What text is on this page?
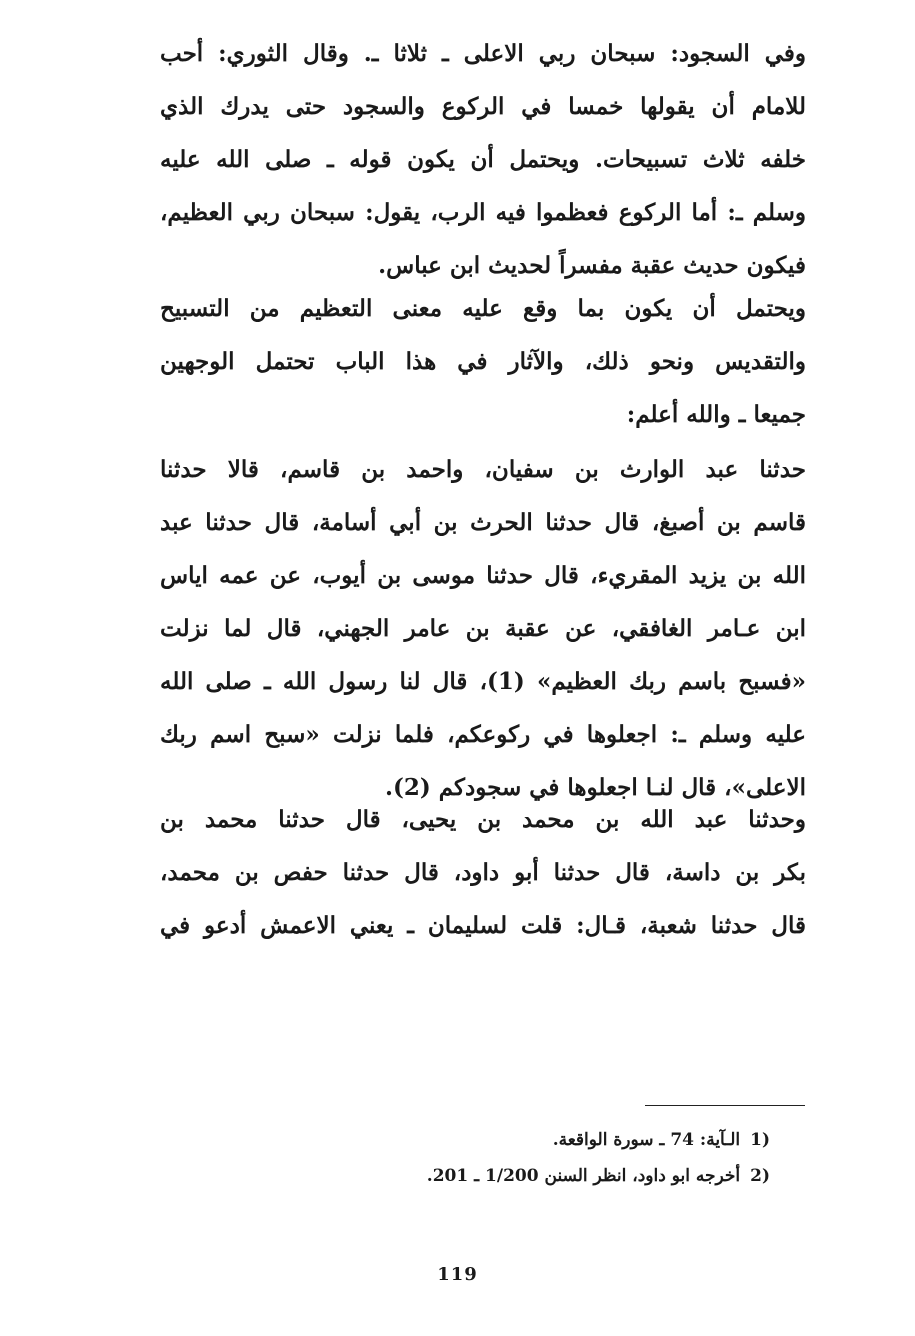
وفي السجود: سبحان ربي الاعلى ـ ثلاثا ـ. وقال الثوري: أحب
للامام أن يقولها خمسا في الركوع والسجود حتى يدرك الذي
خلفه ثلاث تسبيحات. ويحتمل أن يكون قوله ـ صلى الله عليه
وسلم ـ: أما الركوع فعظموا فيه الرب، يقول: سبحان ربي العظيم،
فيكون حديث عقبة مفسراً لحديث ابن عباس.
ويحتمل أن يكون بما وقع عليه معنى التعظيم من التسبيح
والتقديس ونحو ذلك، والآثار في هذا الباب تحتمل الوجهين
جميعا ـ والله أعلم:
حدثنا عبد الوارث بن سفيان، واحمد بن قاسم، قالا حدثنا
قاسم بن أصبغ، قال حدثنا الحرث بن أبي أسامة، قال حدثنا عبد
الله بن يزيد المقريء، قال حدثنا موسى بن أيوب، عن عمه اياس
ابن عـامر الغافقي، عن عقبة بن عامر الجهني، قال لما نزلت
«فسبح باسم ربك العظيم» (1)، قال لنا رسول الله ـ صلى الله
عليه وسلم ـ: اجعلوها في ركوعكم، فلما نزلت «سبح اسم ربك
الاعلى»، قال لنـا اجعلوها في سجودكم (2).
وحدثنا عبد الله بن محمد بن يحيى، قال حدثنا محمد بن
بكر بن داسة، قال حدثنا أبو داود، قال حدثنا حفص بن محمد،
قال حدثنا شعبة، قـال: قلت لسليمان ـ يعني الاعمش أدعو في
1)الـآية: 74 ـ سورة الواقعة.
2)أخرجه ابو داود، انظر السنن 1/200 ـ 201.
119
